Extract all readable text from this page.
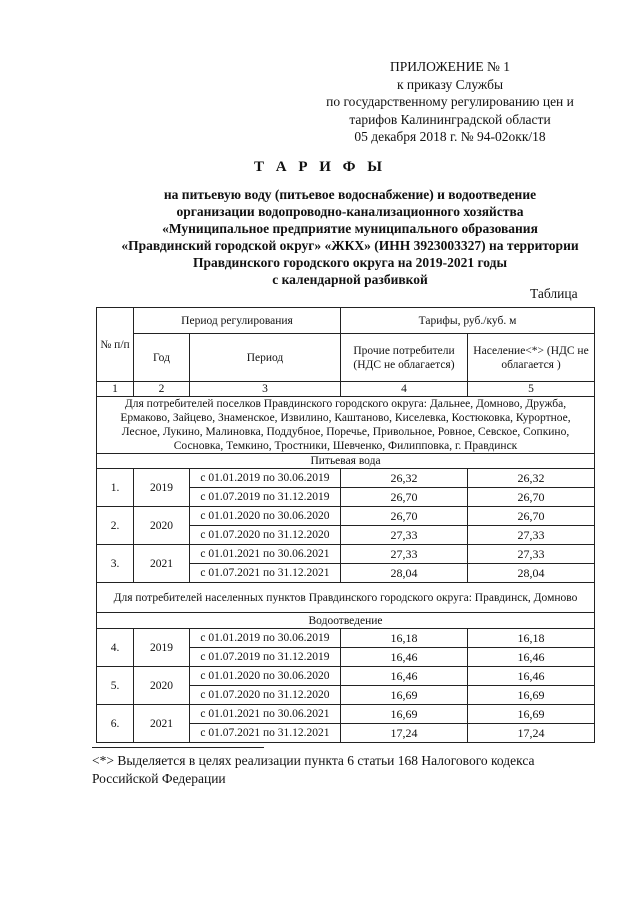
ПРИЛОЖЕНИЕ № 1
к приказу Службы
по государственному регулированию цен и
тарифов Калининградской области
05 декабря 2018 г. № 94-02окк/18
Т А Р И Ф Ы
на питьевую воду (питьевое водоснабжение) и водоотведение
организации водопроводно-канализационного хозяйства
«Муниципальное предприятие муниципального образования
«Правдинский городской округ» «ЖКХ» (ИНН 3923003327) на территории
Правдинского городского округа на 2019-2021 годы
с календарной разбивкой
Таблица
№ п/п	Период регулирования		Тарифы, руб./куб. м	
	Год	Период	Прочие потребители (НДС не облагается)	Население<*> (НДС не облагается )
1	2	3	4	5
Для потребителей поселков Правдинского городского округа: Дальнее, Домново, Дружба, Ермаково, Зайцево, Знаменское, Извилино, Каштаново, Киселевка, Костюковка, Курортное, Лесное, Лукино, Малиновка, Поддубное, Поречье, Привольное, Ровное, Севское, Сопкино, Сосновка, Темкино, Тростники, Шевченко, Филипповка, г. Правдинск				
Питьевая вода				
1.	2019	с 01.01.2019 по 30.06.2019	26,32	26,32
		с 01.07.2019 по 31.12.2019	26,70	26,70
2.	2020	с 01.01.2020 по 30.06.2020	26,70	26,70
		с 01.07.2020 по 31.12.2020	27,33	27,33
3.	2021	с 01.01.2021 по 30.06.2021	27,33	27,33
		с 01.07.2021 по 31.12.2021	28,04	28,04
Для потребителей населенных пунктов Правдинского городского округа: Правдинск, Домново				
Водоотведение				
4.	2019	с 01.01.2019 по 30.06.2019	16,18	16,18
		с 01.07.2019 по 31.12.2019	16,46	16,46
5.	2020	с 01.01.2020 по 30.06.2020	16,46	16,46
		с 01.07.2020 по 31.12.2020	16,69	16,69
6.	2021	с 01.01.2021 по 30.06.2021	16,69	16,69
		с 01.07.2021 по 31.12.2021	17,24	17,24
<*> Выделяется в целях реализации пункта 6 статьи 168 Налогового кодекса Российской Федерации
